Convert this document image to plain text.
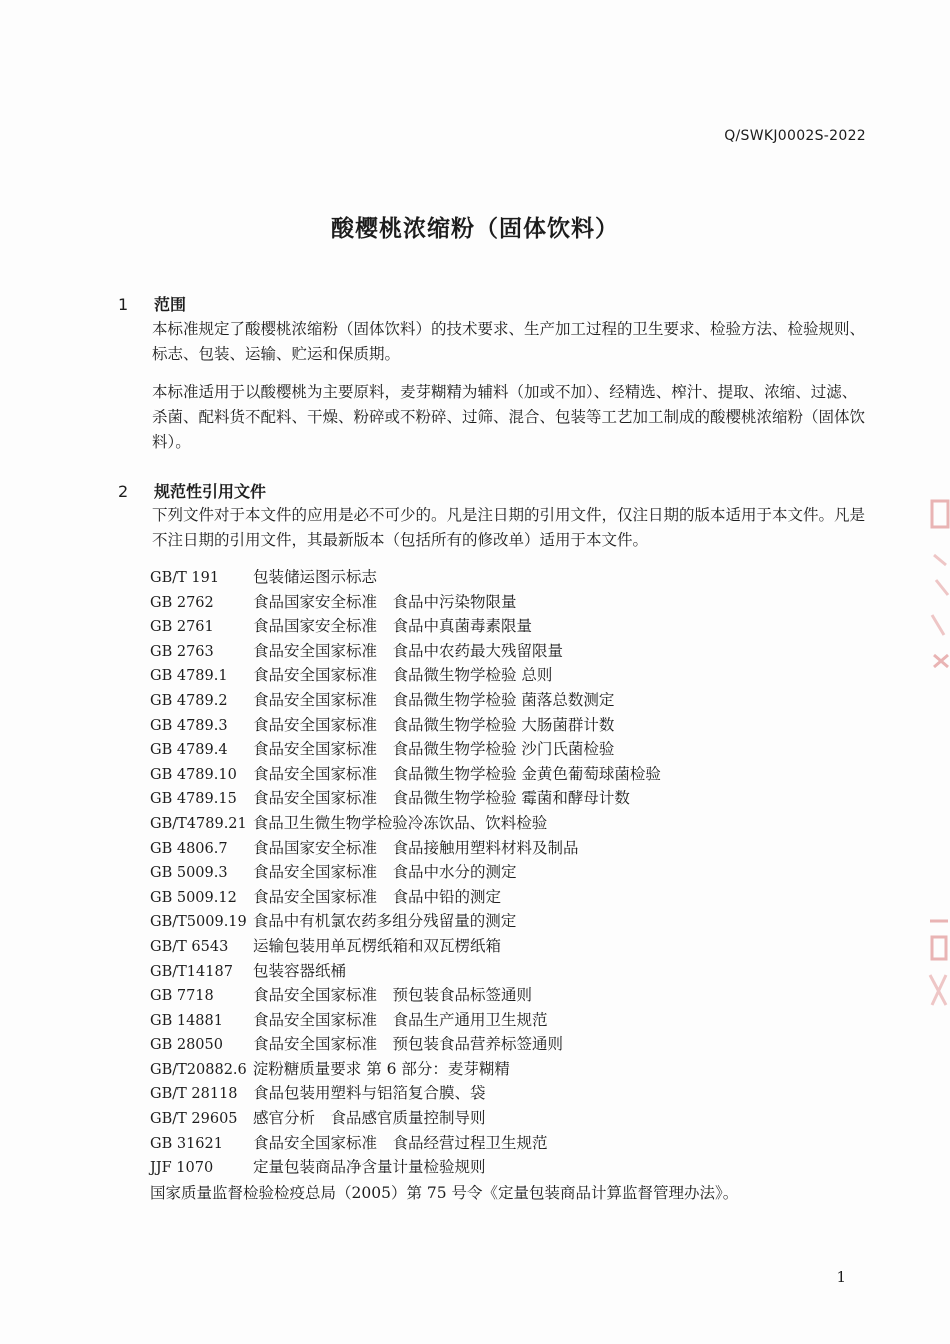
Q/SWKJ0002S-2022
酸樱桃浓缩粉（固体饮料）
1 范围

本标准规定了酸樱桃浓缩粉（固体饮料）的技术要求、生产加工过程的卫生要求、检验方法、检验规则、标志、包装、运输、贮运和保质期。

本标准适用于以酸樱桃为主要原料，麦芽糊精为辅料（加或不加）、经精选、榨汁、提取、浓缩、过滤、杀菌、配料货不配料、干燥、粉碎或不粉碎、过筛、混合、包装等工艺加工制成的酸樱桃浓缩粉（固体饮料）。

2 规范性引用文件

下列文件对于本文件的应用是必不可少的。凡是注日期的引用文件，仅注日期的版本适用于本文件。凡是不注日期的引用文件，其最新版本（包括所有的修改单）适用于本文件。

GB/T 191 包装储运图示标志
GB 2762	食品国家安全标准　食品中污染物限量
GB 2761	食品国家安全标准　食品中真菌毒素限量
GB 2763	食品安全国家标准　食品中农药最大残留限量
GB 4789.1 食品安全国家标准　食品微生物学检验 总则
GB 4789.2 食品安全国家标准　食品微生物学检验 菌落总数测定
GB 4789.3 食品安全国家标准　食品微生物学检验 大肠菌群计数
GB 4789.4 食品安全国家标准　食品微生物学检验 沙门氏菌检验
GB 4789.10 食品安全国家标准　食品微生物学检验 金黄色葡萄球菌检验
GB 4789.15 食品安全国家标准　食品微生物学检验 霉菌和酵母计数
GB/T4789.21 食品卫生微生物学检验冷冻饮品、饮料检验
GB 4806.7 食品国家安全标准　食品接触用塑料材料及制品
GB 5009.3 食品安全国家标准　食品中水分的测定
GB 5009.12 食品安全国家标准　食品中铅的测定
GB/T5009.19 食品中有机氯农药多组分残留量的测定
GB/T 6543 运输包装用单瓦楞纸箱和双瓦楞纸箱
GB/T14187 包装容器纸桶
GB 7718	食品安全国家标准　预包装食品标签通则
GB 14881 食品安全国家标准　食品生产通用卫生规范
GB 28050 食品安全国家标准　预包装食品营养标签通则
GB/T20882.6 淀粉糖质量要求 第 6 部分：麦芽糊精
GB/T 28118 食品包装用塑料与铝箔复合膜、袋
GB/T 29605 感官分析　食品感官质量控制导则
GB 31621 食品安全国家标准　食品经营过程卫生规范
JJF 1070	定量包装商品净含量计量检验规则
国家质量监督检验检疫总局（2005）第 75 号令《定量包装商品计算监督管理办法》。
1
